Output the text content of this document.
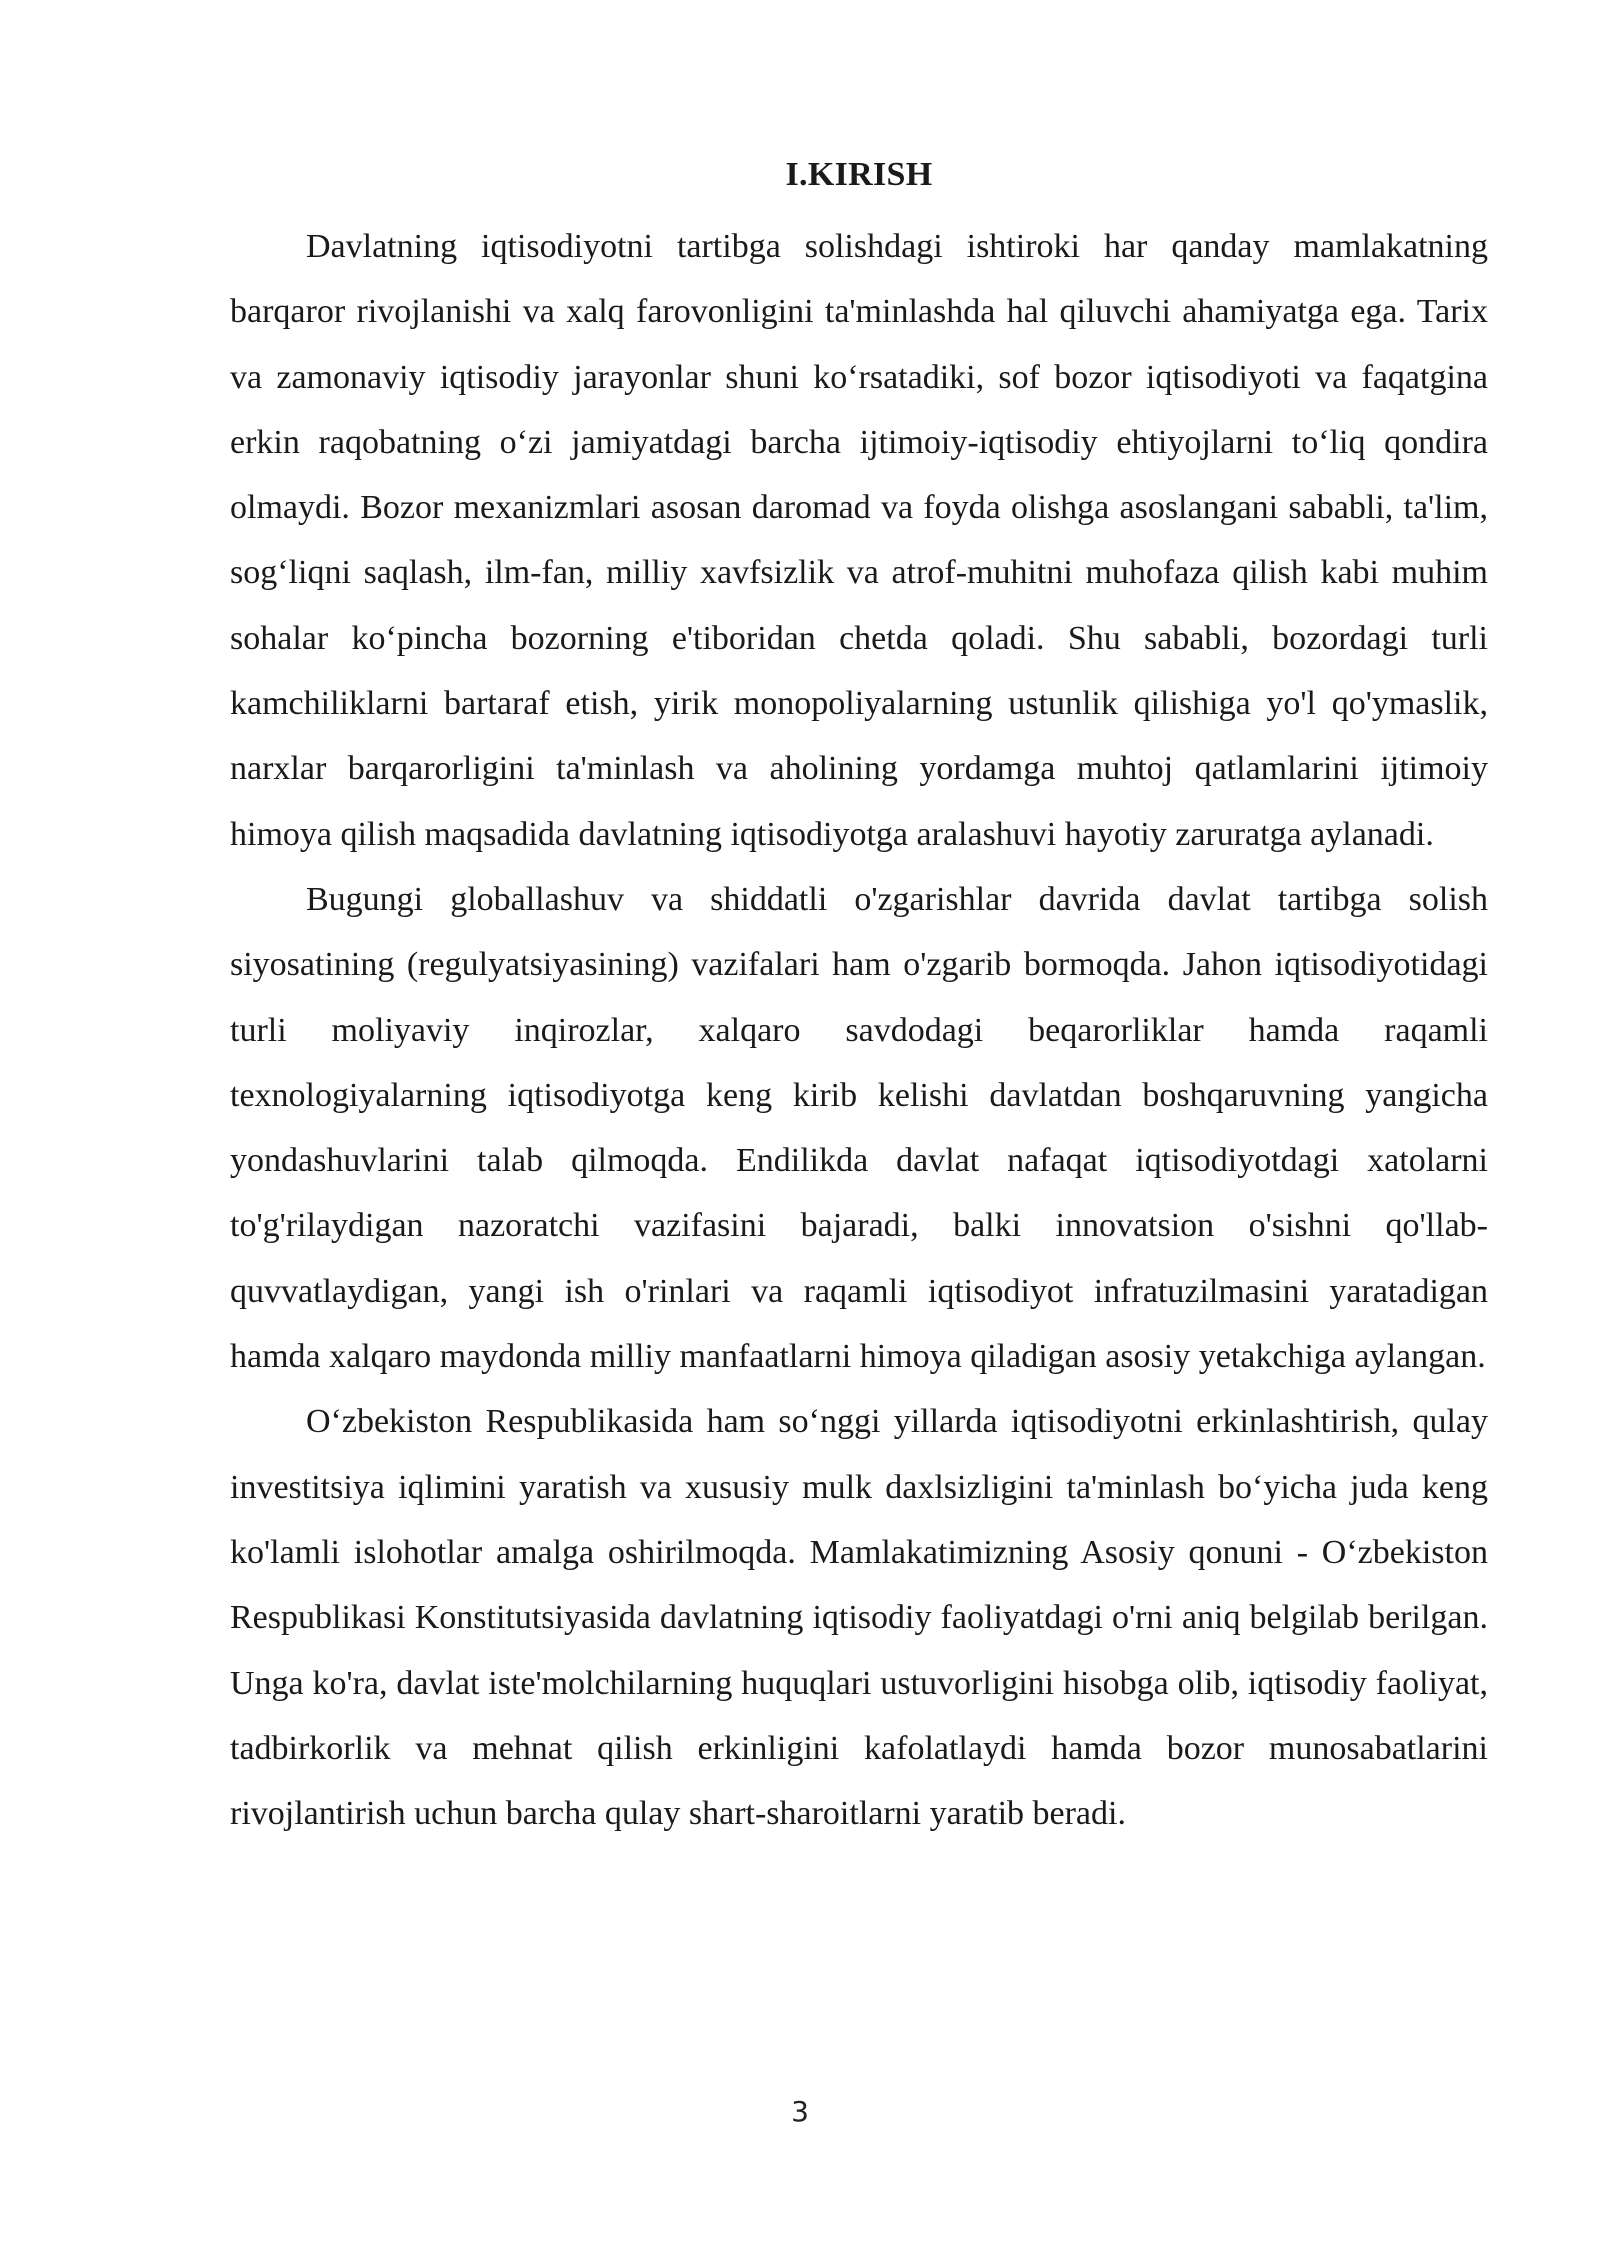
I.KIRISH

Davlatning iqtisodiyotni tartibga solishdagi ishtiroki har qanday mamlakatning barqaror rivojlanishi va xalq farovonligini ta'minlashda hal qiluvchi ahamiyatga ega. Tarix va zamonaviy iqtisodiy jarayonlar shuni ko‘rsatadiki, sof bozor iqtisodiyoti va faqatgina erkin raqobatning o‘zi jamiyatdagi barcha ijtimoiy-iqtisodiy ehtiyojlarni to‘liq qondira olmaydi. Bozor mexanizmlari asosan daromad va foyda olishga asoslangani sababli, ta'lim, sog‘liqni saqlash, ilm-fan, milliy xavfsizlik va atrof-muhitni muhofaza qilish kabi muhim sohalar ko‘pincha bozorning e'tiboridan chetda qoladi. Shu sababli, bozordagi turli kamchiliklarni bartaraf etish, yirik monopoliyalarning ustunlik qilishiga yo'l qo'ymaslik, narxlar barqarorligini ta'minlash va aholining yordamga muhtoj qatlamlarini ijtimoiy himoya qilish maqsadida davlatning iqtisodiyotga aralashuvi hayotiy zaruratga aylanadi.

Bugungi globallashuv va shiddatli o'zgarishlar davrida davlat tartibga solish siyosatining (regulyatsiyasining) vazifalari ham o'zgarib bormoqda. Jahon iqtisodiyotidagi turli moliyaviy inqirozlar, xalqaro savdodagi beqarorliklar hamda raqamli texnologiyalarning iqtisodiyotga keng kirib kelishi davlatdan boshqaruvning yangicha yondashuvlarini talab qilmoqda. Endilikda davlat nafaqat iqtisodiyotdagi xatolarni to'g'rilaydigan nazoratchi vazifasini bajaradi, balki innovatsion o'sishni qo'llab-quvvatlaydigan, yangi ish o'rinlari va raqamli iqtisodiyot infratuzilmasini yaratadigan hamda xalqaro maydonda milliy manfaatlarni himoya qiladigan asosiy yetakchiga aylangan.

O‘zbekiston Respublikasida ham so‘nggi yillarda iqtisodiyotni erkinlashtirish, qulay investitsiya iqlimini yaratish va xususiy mulk daxlsizligini ta'minlash bo‘yicha juda keng ko'lamli islohotlar amalga oshirilmoqda. Mamlakatimizning Asosiy qonuni - O‘zbekiston Respublikasi Konstitutsiyasida davlatning iqtisodiy faoliyatdagi o'rni aniq belgilab berilgan. Unga ko'ra, davlat iste'molchilarning huquqlari ustuvorligini hisobga olib, iqtisodiy faoliyat, tadbirkorlik va mehnat qilish erkinligini kafolatlaydi hamda bozor munosabatlarini rivojlantirish uchun barcha qulay shart-sharoitlarni yaratib beradi.

3
